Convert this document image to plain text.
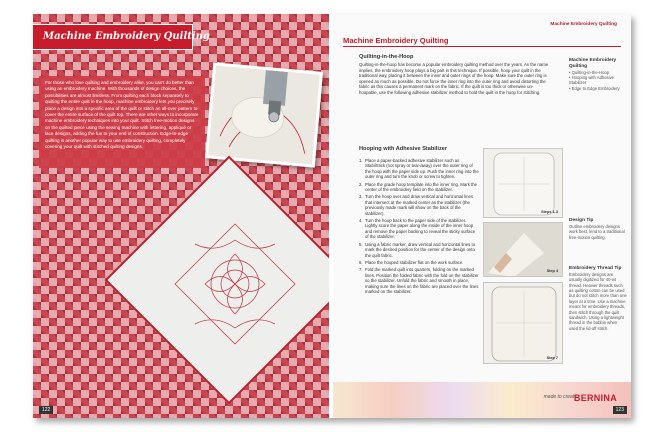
Machine Embroidery Quilting

For those who love quilting and embroidery alike, you can't do better than using an embroidery machine. With thousands of design choices, the possibilities are almost limitless. From quilting each block separately to quilting the entire quilt in the hoop, machine embroidery lets you precisely place a design into a specific area of the quilt or stitch an all-over pattern to cover the entire surface of the quilt top. There are other ways to incorporate machine embroidery techniques into your quilt. Stitch free-motion designs on the quilted piece using the sewing machine with lettering, appliqué or lace designs, adding the fun to your end of construction. Edge-to-edge quilting is another popular way to use embroidery quilting, completely covering your quilt with stitched quilting designs.

122
Machine Embroidery Quilting
Machine Embroidery Quilting
Quilting-in-the-Hoop

Quilting-in-the-hoop has become a popular embroidery quilting method over the years. As the name implies, the embroidery hoop plays a big part in this technique. If possible, hoop your quilt in the traditional way, placing it between the inner and outer rings of the hoop. Make sure the outer ring is opened as much as possible. Do not force the inner ring into the outer ring and avoid distorting the fabric as this causes a permanent mark on the fabric. If the quilt is too thick or otherwise un-hoopable, use the following adhesive stabilizer method to hold the quilt in the hoop for stitching.

Hooping with Adhesive Stabilizer
1. Place a paper-backed adhesive stabilizer such as StabilStick (not spray or tear-away) over the outer ring of the hoop with the paper side up. Push the inner ring into the outer ring and turn the knob or screw to tighten.
2. Place the grade hoop template into the inner ring. Mark the center of the embroidery field on the stabilizer.
3. Turn the hoop over and draw vertical and horizontal lines that intersect at the marked center as the stabilizer (the previously made mark will show on the back of the stabilizer).
4. Turn the hoop back to the paper side of the stabilizer. Lightly score the paper along the inside of the inner hoop and remove the paper backing to reveal the sticky surface of the stabilizer.
5. Using a fabric marker, draw vertical and horizontal lines to mark the desired position for the center of the design onto the quilt fabric.
6. Place the hooped stabilizer flat on the work surface.
7. Fold the marked quilt into quarters, folding on the marked lines. Position the folded fabric with the fold on the stabilizer so the stabilizer. Unfold the fabric and smooth in place, making sure the lines on the fabric are placed over the lines marked on the stabilizer.
Steps 1-3
Step 4
Step 7
Machine Embroidery Quilting
• Quilting-in-the-Hoop
• Hooping with Adhesive Stabilizer
• Edge to Edge Embroidery
Design Tip
Outline embroidery designs work best, lend to a traditional free-motion quilting.
Embroidery Thread Tip
Embroidery designs are usually digitized for 40-wt thread. Heavier threads such as quilting cotton can be used but do not stitch more than one layer at a time. Use a machine meant for embroidery threads, then stitch through the quilt sandwich. Using a lightweight thread in the bobbin when used the lid-off stitch.
made to create
BERNINA
123
